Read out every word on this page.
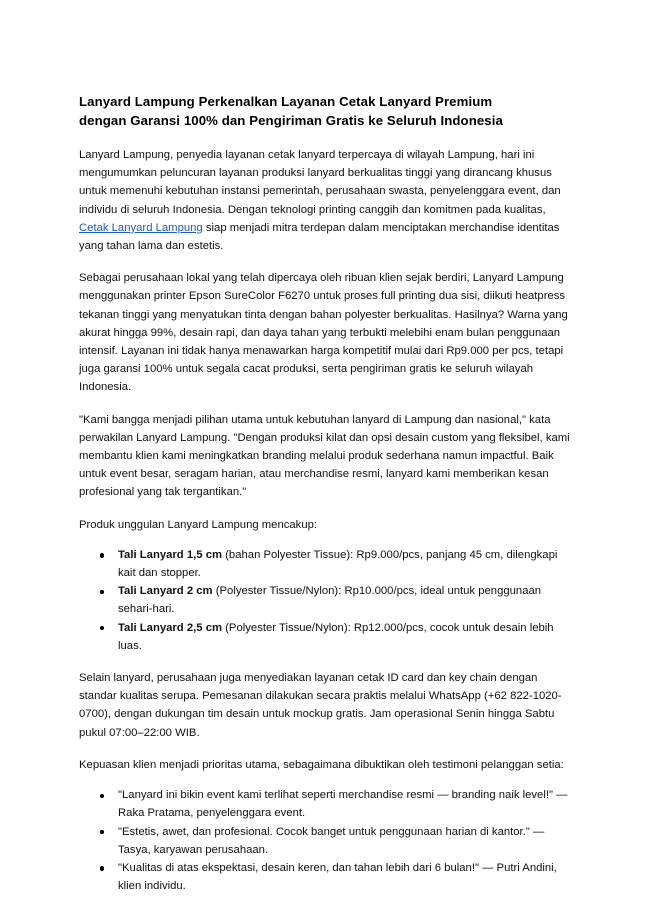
Lanyard Lampung Perkenalkan Layanan Cetak Lanyard Premium
dengan Garansi 100% dan Pengiriman Gratis ke Seluruh Indonesia

Lanyard Lampung, penyedia layanan cetak lanyard terpercaya di wilayah Lampung, hari ini mengumumkan peluncuran layanan produksi lanyard berkualitas tinggi yang dirancang khusus untuk memenuhi kebutuhan instansi pemerintah, perusahaan swasta, penyelenggara event, dan individu di seluruh Indonesia. Dengan teknologi printing canggih dan komitmen pada kualitas, Cetak Lanyard Lampung siap menjadi mitra terdepan dalam menciptakan merchandise identitas yang tahan lama dan estetis.

Sebagai perusahaan lokal yang telah dipercaya oleh ribuan klien sejak berdiri, Lanyard Lampung menggunakan printer Epson SureColor F6270 untuk proses full printing dua sisi, diikuti heatpress tekanan tinggi yang menyatukan tinta dengan bahan polyester berkualitas. Hasilnya? Warna yang akurat hingga 99%, desain rapi, dan daya tahan yang terbukti melebihi enam bulan penggunaan intensif. Layanan ini tidak hanya menawarkan harga kompetitif mulai dari Rp9.000 per pcs, tetapi juga garansi 100% untuk segala cacat produksi, serta pengiriman gratis ke seluruh wilayah Indonesia.

"Kami bangga menjadi pilihan utama untuk kebutuhan lanyard di Lampung dan nasional," kata perwakilan Lanyard Lampung. "Dengan produksi kilat dan opsi desain custom yang fleksibel, kami membantu klien kami meningkatkan branding melalui produk sederhana namun impactful. Baik untuk event besar, seragam harian, atau merchandise resmi, lanyard kami memberikan kesan profesional yang tak tergantikan."

Produk unggulan Lanyard Lampung mencakup:

Tali Lanyard 1,5 cm (bahan Polyester Tissue): Rp9.000/pcs, panjang 45 cm, dilengkapi kait dan stopper.
Tali Lanyard 2 cm (Polyester Tissue/Nylon): Rp10.000/pcs, ideal untuk penggunaan sehari-hari.
Tali Lanyard 2,5 cm (Polyester Tissue/Nylon): Rp12.000/pcs, cocok untuk desain lebih luas.

Selain lanyard, perusahaan juga menyediakan layanan cetak ID card dan key chain dengan standar kualitas serupa. Pemesanan dilakukan secara praktis melalui WhatsApp (+62 822-1020-0700), dengan dukungan tim desain untuk mockup gratis. Jam operasional Senin hingga Sabtu pukul 07:00–22:00 WIB.

Kepuasan klien menjadi prioritas utama, sebagaimana dibuktikan oleh testimoni pelanggan setia:

"Lanyard ini bikin event kami terlihat seperti merchandise resmi — branding naik level!" — Raka Pratama, penyelenggara event.
"Estetis, awet, dan profesional. Cocok banget untuk penggunaan harian di kantor." — Tasya, karyawan perusahaan.
"Kualitas di atas ekspektasi, desain keren, dan tahan lebih dari 6 bulan!" — Putri Andini, klien individu.
